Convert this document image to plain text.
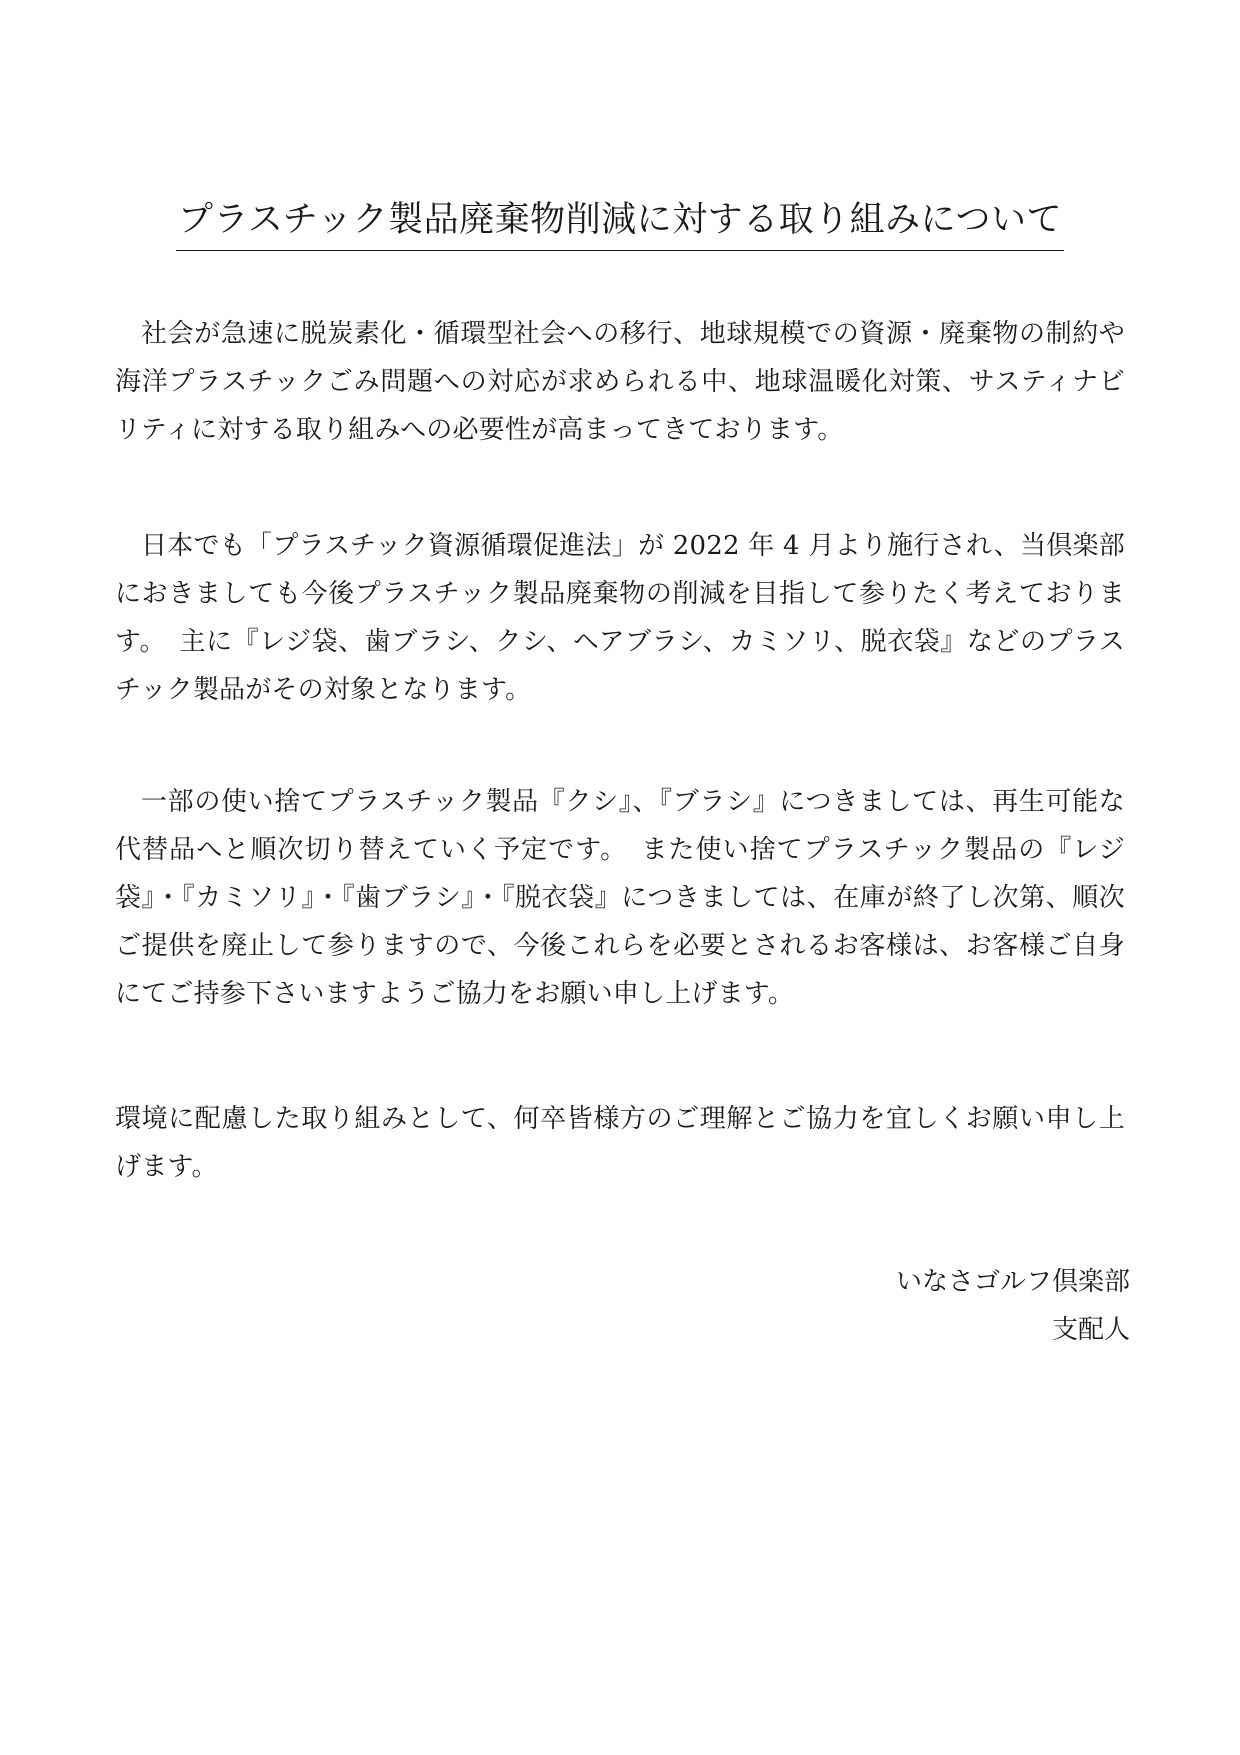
プラスチック製品廃棄物削減に対する取り組みについて

社会が急速に脱炭素化・循環型社会への移行、地球規模での資源・廃棄物の制約や海洋プラスチックごみ問題への対応が求められる中、地球温暖化対策、サスティナビリティに対する取り組みへの必要性が高まってきております。

日本でも「プラスチック資源循環促進法」が 2022 年 4 月より施行され、当倶楽部におきましても今後プラスチック製品廃棄物の削減を目指して参りたく考えております。　主に『レジ袋、歯ブラシ、クシ、ヘアブラシ、カミソリ、脱衣袋』などのプラスチック製品がその対象となります。

一部の使い捨てプラスチック製品『クシ』、『ブラシ』につきましては、再生可能な代替品へと順次切り替えていく予定です。　また使い捨てプラスチック製品の『レジ袋』・『カミソリ』・『歯ブラシ』・『脱衣袋』につきましては、在庫が終了し次第、順次ご提供を廃止して参りますので、今後これらを必要とされるお客様は、お客様ご自身にてご持参下さいますようご協力をお願い申し上げます。

環境に配慮した取り組みとして、何卒皆様方のご理解とご協力を宜しくお願い申し上げます。

いなさゴルフ倶楽部
支配人
